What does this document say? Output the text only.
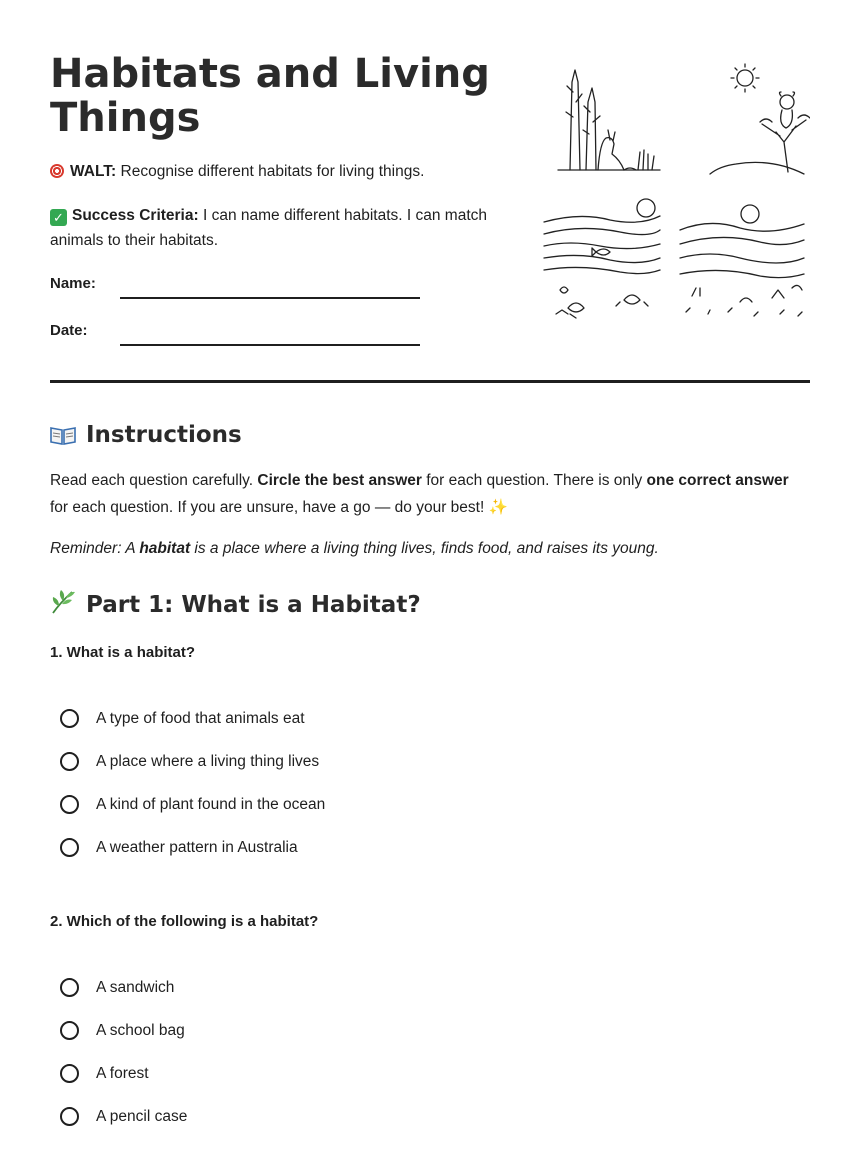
Habitats and Living Things
WALT: Recognise different habitats for living things.
✓ Success Criteria: I can name different habitats. I can match animals to their habitats.
Name:
Date:
Instructions

Read each question carefully. Circle the best answer for each question. There is only one correct answer for each question. If you are unsure, have a go — do your best! ✨

Reminder: A habitat is a place where a living thing lives, finds food, and raises its young.

Part 1: What is a Habitat?

1. What is a habitat?

A type of food that animals eat
A place where a living thing lives
A kind of plant found in the ocean
A weather pattern in Australia

2. Which of the following is a habitat?

A sandwich
A school bag
A forest
A pencil case
